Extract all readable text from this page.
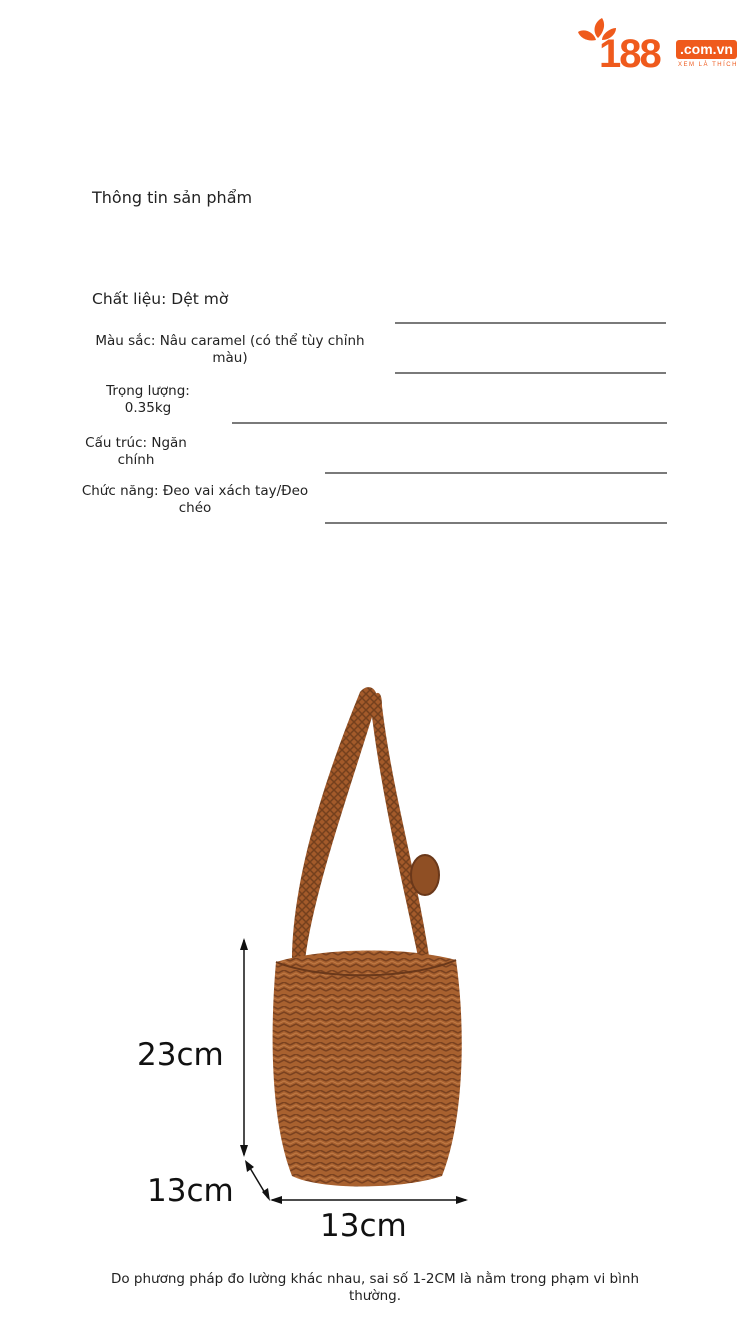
188 .com.vn
XEM LÀ THÍCH
Thông tin sản phẩm
Chất liệu: Dệt mờ
Màu sắc: Nâu caramel (có thể tùy chỉnh màu)
Trọng lượng: 0.35kg
Cấu trúc: Ngăn chính
Chức năng: Đeo vai xách tay/Đeo chéo
23cm
13cm
13cm
Do phương pháp đo lường khác nhau, sai số 1-2CM là nằm trong phạm vi bình thường.
